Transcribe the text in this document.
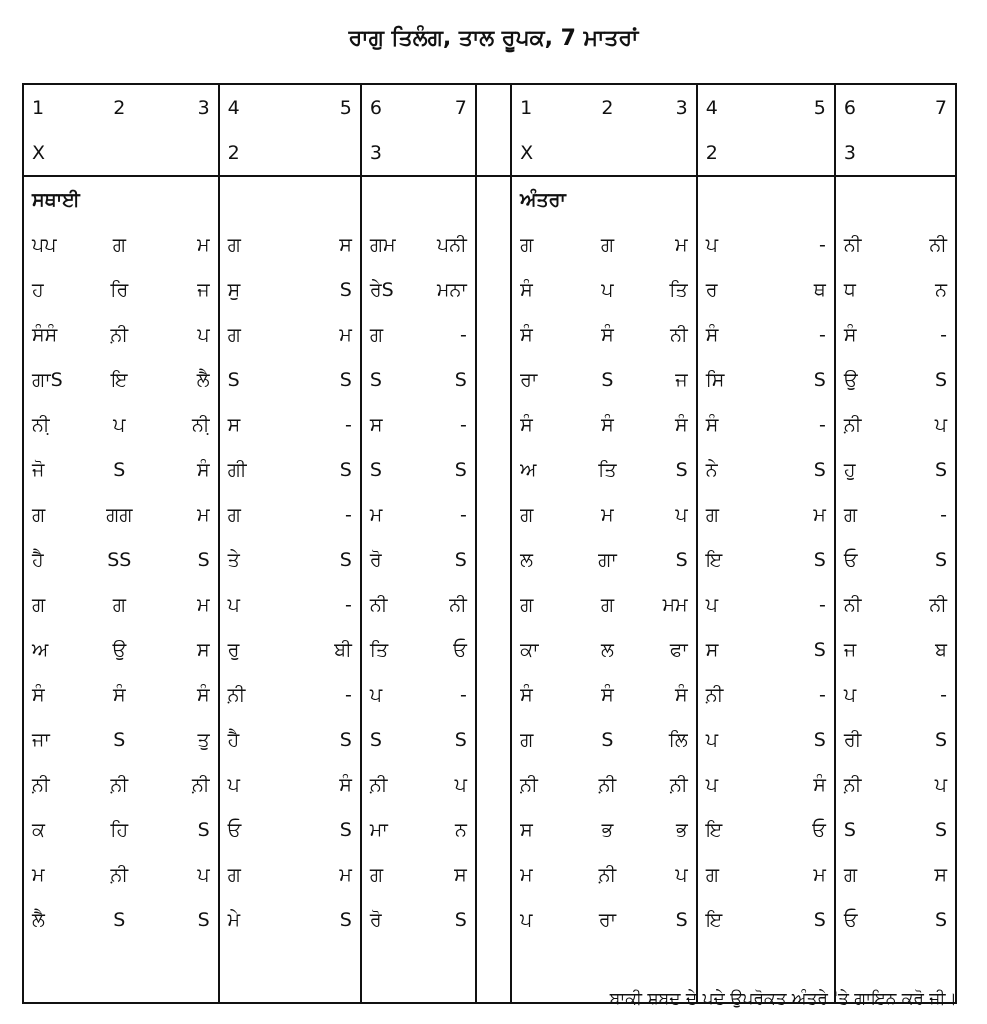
ਰਾਗੁ ਤਿਲੰਗ, ਤਾਲ ਰੂਪਕ, 7 ਮਾਤਰਾਂ
1	2	3	4	5	6	7		1	2	3	4	5	6	7
X			2		3			X			2		3	
ਸਥਾਈ								ਅੰਤਰਾ						
ਪਪ	ਗ	ਮ	ਗ	ਸ	ਗਮ	ਪਨੀ		ਗ	ਗ	ਮ	ਪ	-	ਨੀ	ਨੀ
ਹ	ਰਿ	ਜ	ਸੁ	S	ਰੇS	ਮਨਾ		ਸੰ	ਪ	ਤਿ	ਰ	ਥ	ਧ	ਨ
ਸੰਸੰ	ਨ਼ੀ	ਪ	ਗ	ਮ	ਗ	-		ਸੰ	ਸੰ	ਨੀ	ਸੰ	-	ਸੰ	-
ਗਾS	ਇ	ਲੈ	S	S	S	S		ਰਾ	S	ਜ	ਸਿ	S	ਉ	S
ਨੀ਼	ਪ	ਨੀ਼	ਸ	-	ਸ	-		ਸੰ	ਸੰ	ਸੰ	ਸੰ	-	ਨ਼ੀ	ਪ
ਜੋ	S	ਸੰ	ਗੀ	S	S	S		ਅ	ਤਿ	S	ਨੇ	S	ਹੁ	S
ਗ	ਗਗ	ਮ	ਗ	-	ਮ	-		ਗ	ਮ	ਪ	ਗ	ਮ	ਗ	-
ਹੈ	SS	S	ਤੇ	S	ਰੋ	S		ਲ	ਗਾ	S	ਇ	S	ਓ	S
ਗ	ਗ	ਮ	ਪ	-	ਨੀ	ਨੀ		ਗ	ਗ	ਮਮ	ਪ	-	ਨੀ	ਨੀ
ਅ	ਉ	ਸ	ਰੁ	ਬੀ	ਤਿ	ਓ		ਕਾ	ਲ	ਫਾ	ਸ	S	ਜ	ਬ
ਸੰ	ਸੰ	ਸੰ	ਨ਼ੀ	-	ਪ	-		ਸੰ	ਸੰ	ਸੰ	ਨ਼ੀ	-	ਪ	-
ਜਾ	S	ਤੁ	ਹੈ	S	S	S		ਗ	S	ਲਿ	ਪ	S	ਰੀ	S
ਨ਼ੀ	ਨ਼ੀ	ਨ਼ੀ	ਪ	ਸੰ	ਨ਼ੀ	ਪ		ਨ਼ੀ	ਨ਼ੀ	ਨ਼ੀ	ਪ	ਸੰ	ਨ਼ੀ	ਪ
ਕ	ਹਿ	S	ਓ	S	ਮਾ	ਨ		ਸ	ਭ	ਭ	ਇ	ਓ	S	S
ਮ	ਨ਼ੀ	ਪ	ਗ	ਮ	ਗ	ਸ		ਮ	ਨ਼ੀ	ਪ	ਗ	ਮ	ਗ	ਸ
ਲੈ	S	S	ਮੇ	S	ਰੋ	S		ਪ	ਰਾ	S	ਇ	S	ਓ	S

ਬਾਕੀ ਸ਼ਬਦ ਦੇ ਪਦੇ ਉਪਰੋਕਤ ਅੰਤਰੇ 'ਤੇ ਗਾਇਨ ਕਰੋ ਜੀ।
